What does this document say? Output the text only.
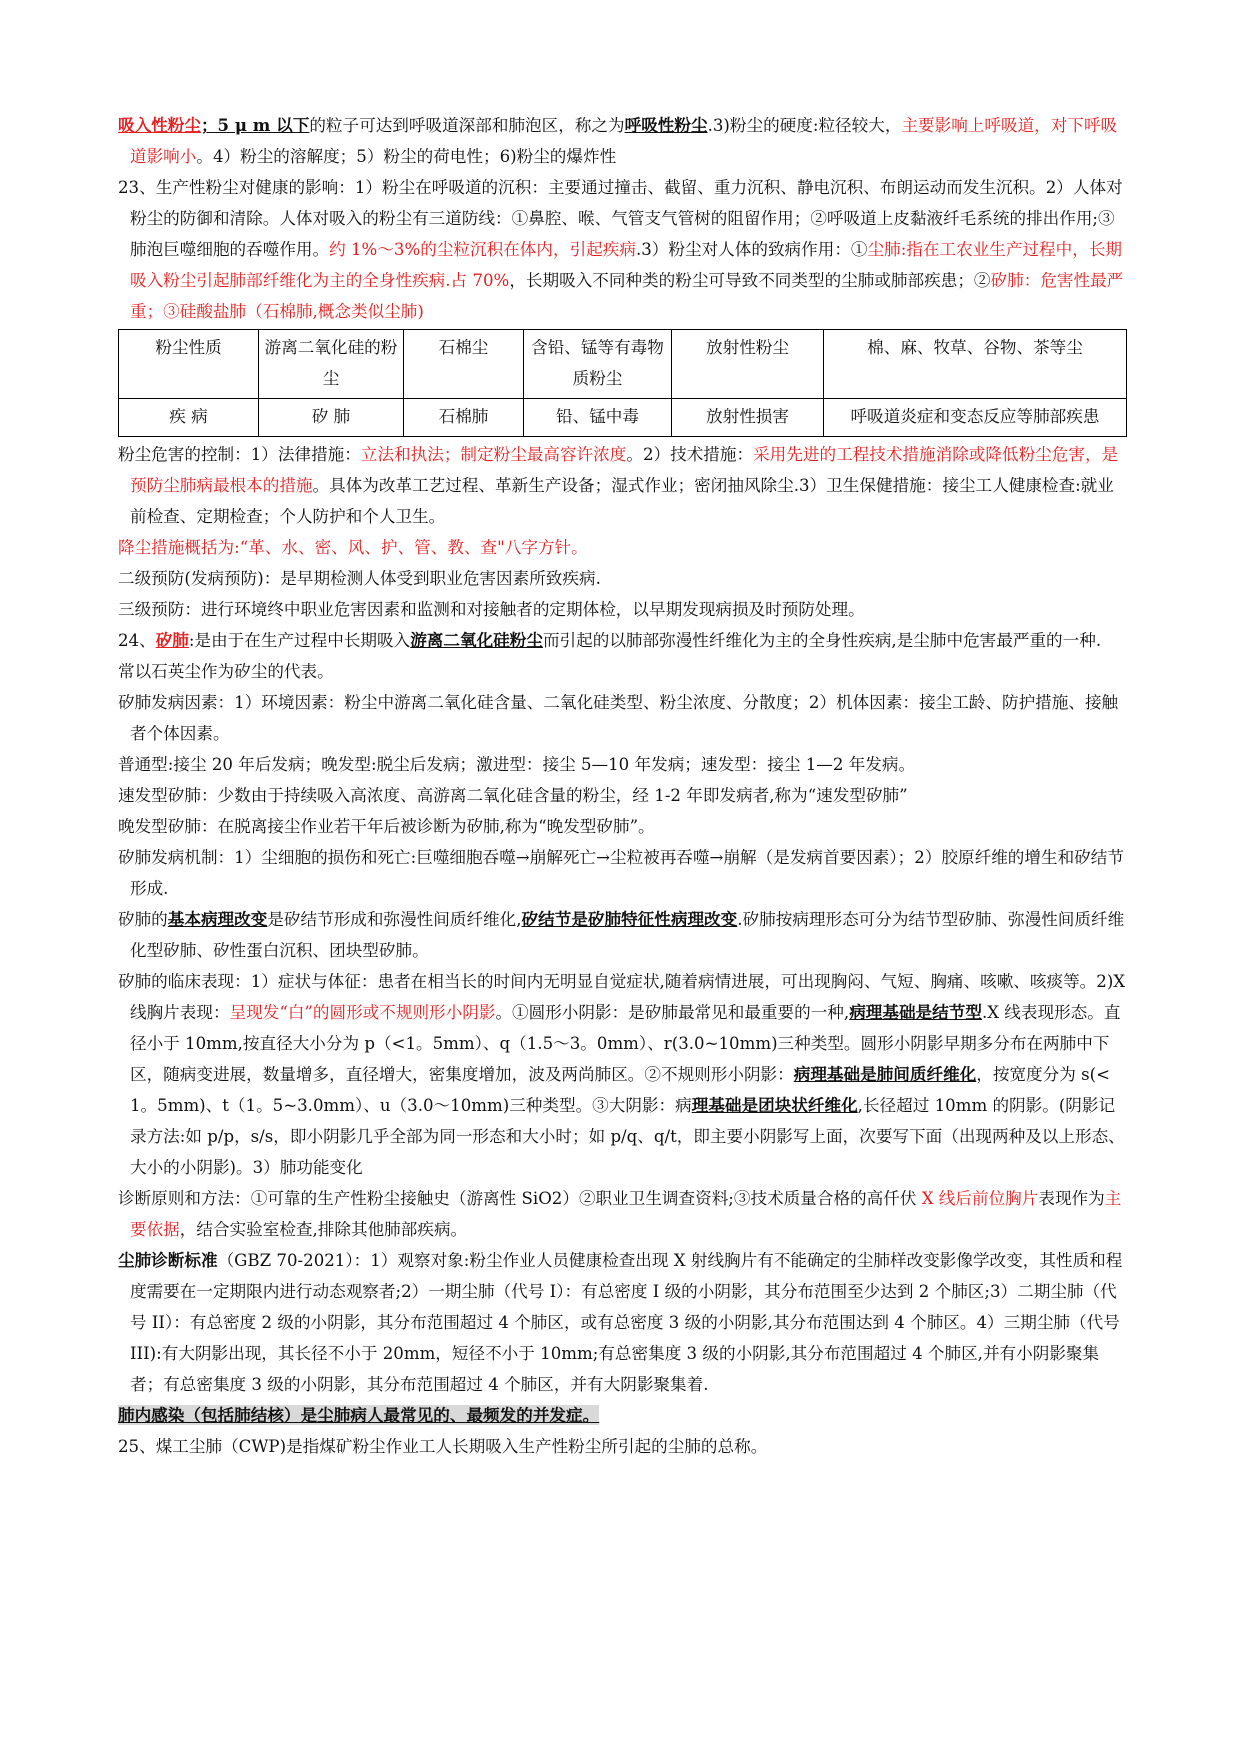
吸入性粉尘；5 μ m 以下的粒子可达到呼吸道深部和肺泡区，称之为呼吸性粉尘.3)粉尘的硬度:粒径较大，主要影响上呼吸道，对下呼吸道影响小。4）粉尘的溶解度；5）粉尘的荷电性；6)粉尘的爆炸性

23、生产性粉尘对健康的影响：1）粉尘在呼吸道的沉积：主要通过撞击、截留、重力沉积、静电沉积、布朗运动而发生沉积。2）人体对粉尘的防御和清除。人体对吸入的粉尘有三道防线：①鼻腔、喉、气管支气管树的阻留作用；②呼吸道上皮黏液纤毛系统的排出作用;③肺泡巨噬细胞的吞噬作用。约 1%～3%的尘粒沉积在体内，引起疾病.3）粉尘对人体的致病作用：①尘肺:指在工农业生产过程中，长期吸入粉尘引起肺部纤维化为主的全身性疾病.占 70%，长期吸入不同种类的粉尘可导致不同类型的尘肺或肺部疾患；②矽肺：危害性最严重；③硅酸盐肺（石棉肺,概念类似尘肺)

粉尘性质	游离二氧化硅的粉尘	石棉尘	含铅、锰等有毒物质粉尘	放射性粉尘	棉、麻、牧草、谷物、茶等尘
疾 病	矽 肺	石棉肺	铅、锰中毒	放射性损害	呼吸道炎症和变态反应等肺部疾患

粉尘危害的控制：1）法律措施：立法和执法；制定粉尘最高容许浓度。2）技术措施：采用先进的工程技术措施消除或降低粉尘危害，是预防尘肺病最根本的措施。具体为改革工艺过程、革新生产设备；湿式作业；密闭抽风除尘.3）卫生保健措施：接尘工人健康检查:就业前检查、定期检查；个人防护和个人卫生。

降尘措施概括为:“革、水、密、风、护、管、教、查"八字方针。

二级预防(发病预防)：是早期检测人体受到职业危害因素所致疾病.

三级预防：进行环境终中职业危害因素和监测和对接触者的定期体检，以早期发现病损及时预防处理。

24、矽肺:是由于在生产过程中长期吸入游离二氧化硅粉尘而引起的以肺部弥漫性纤维化为主的全身性疾病,是尘肺中危害最严重的一种.

常以石英尘作为矽尘的代表。

矽肺发病因素：1）环境因素：粉尘中游离二氧化硅含量、二氧化硅类型、粉尘浓度、分散度；2）机体因素：接尘工龄、防护措施、接触者个体因素。

普通型:接尘 20 年后发病；晚发型:脱尘后发病；激进型：接尘 5—10 年发病；速发型：接尘 1—2 年发病。

速发型矽肺：少数由于持续吸入高浓度、高游离二氧化硅含量的粉尘，经 1-2 年即发病者,称为“速发型矽肺”

晚发型矽肺：在脱离接尘作业若干年后被诊断为矽肺,称为“晚发型矽肺”。

矽肺发病机制：1）尘细胞的损伤和死亡:巨噬细胞吞噬→崩解死亡→尘粒被再吞噬→崩解（是发病首要因素）；2）胶原纤维的增生和矽结节形成.

矽肺的基本病理改变是矽结节形成和弥漫性间质纤维化,矽结节是矽肺特征性病理改变.矽肺按病理形态可分为结节型矽肺、弥漫性间质纤维化型矽肺、矽性蛋白沉积、团块型矽肺。

矽肺的临床表现：1）症状与体征：患者在相当长的时间内无明显自觉症状,随着病情进展，可出现胸闷、气短、胸痛、咳嗽、咳痰等。2)X 线胸片表现：呈现发“白”的圆形或不规则形小阴影。①圆形小阴影：是矽肺最常见和最重要的一种,病理基础是结节型.X 线表现形态。直径小于 10mm,按直径大小分为 p（<1。5mm）、q（1.5～3。0mm）、r(3.0~10mm)三种类型。圆形小阴影早期多分布在两肺中下区，随病变进展，数量增多，直径增大，密集度增加，波及两尚肺区。②不规则形小阴影：病理基础是肺间质纤维化，按宽度分为 s(<1。5mm)、t（1。5~3.0mm）、u（3.0～10mm)三种类型。③大阴影：病理基础是团块状纤维化,长径超过 10mm 的阴影。(阴影记录方法:如 p/p，s/s，即小阴影几乎全部为同一形态和大小时；如 p/q、q/t，即主要小阴影写上面，次要写下面（出现两种及以上形态、大小的小阴影)。3）肺功能变化

诊断原则和方法：①可靠的生产性粉尘接触史（游离性 SiO2）②职业卫生调查资料;③技术质量合格的高仟伏 X 线后前位胸片表现作为主要依据，结合实验室检查,排除其他肺部疾病。

尘肺诊断标准（GBZ 70-2021）：1）观察对象:粉尘作业人员健康检查出现 X 射线胸片有不能确定的尘肺样改变影像学改变，其性质和程度需要在一定期限内进行动态观察者;2）一期尘肺（代号 I）：有总密度 I 级的小阴影，其分布范围至少达到 2 个肺区;3）二期尘肺（代号 II）：有总密度 2 级的小阴影，其分布范围超过 4 个肺区，或有总密度 3 级的小阴影,其分布范围达到 4 个肺区。4）三期尘肺（代号 III):有大阴影出现，其长径不小于 20mm，短径不小于 10mm;有总密集度 3 级的小阴影,其分布范围超过 4 个肺区,并有小阴影聚集者；有总密集度 3 级的小阴影，其分布范围超过 4 个肺区，并有大阴影聚集着.

肺内感染（包括肺结核）是尘肺病人最常见的、最频发的并发症。

25、煤工尘肺（CWP)是指煤矿粉尘作业工人长期吸入生产性粉尘所引起的尘肺的总称。
